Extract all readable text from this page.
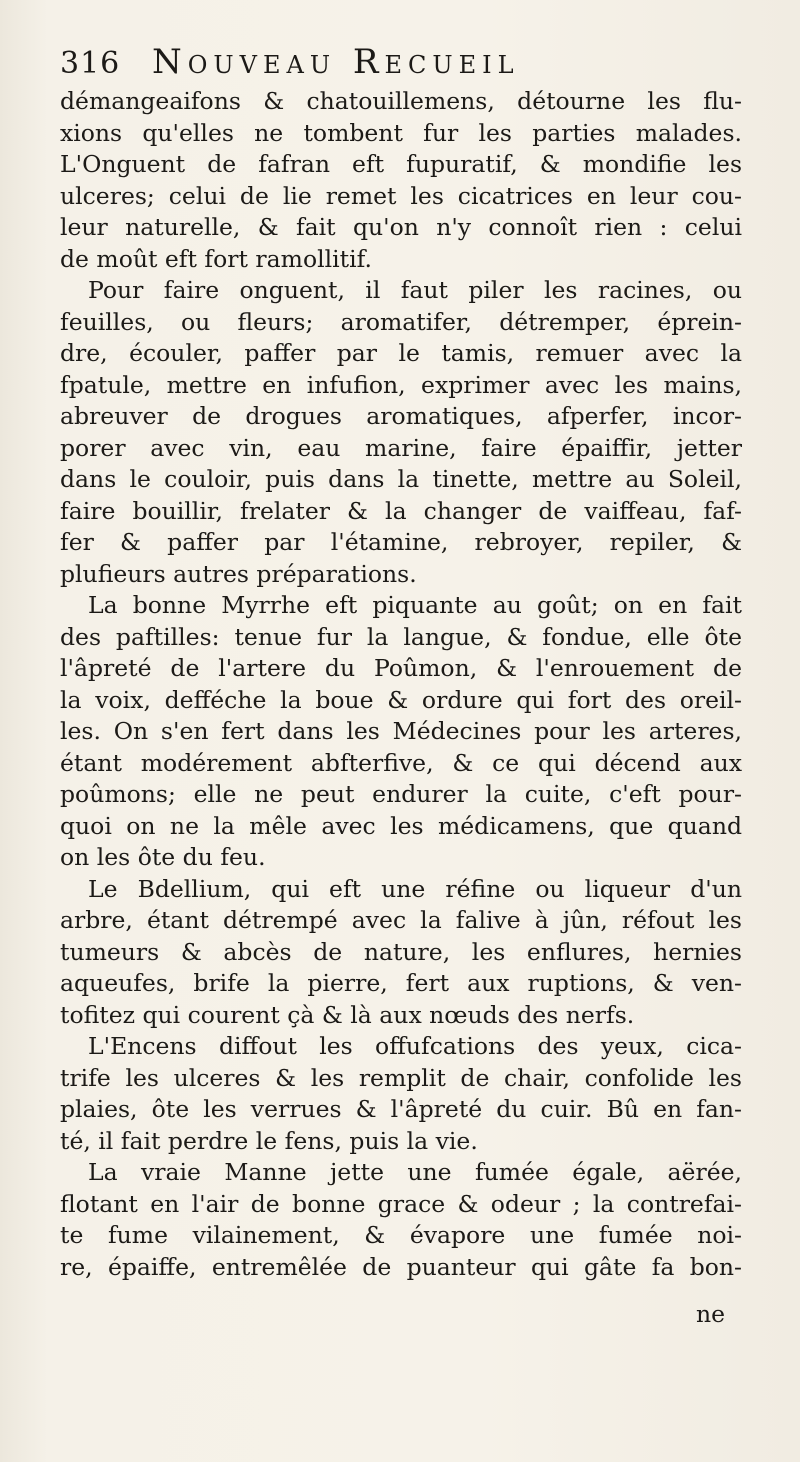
316 Nouveau Recueil
démangeaifons & chatouillemens, détourne les flu-
xions qu'elles ne tombent fur les parties malades.
L'Onguent de fafran eft fupuratif, & mondifie les
ulceres; celui de lie remet les cicatrices en leur cou-
leur naturelle, & fait qu'on n'y connoît rien : celui
de moût eft fort ramollitif.
Pour faire onguent, il faut piler les racines, ou
feuilles, ou fleurs; aromatifer, détremper, éprein-
dre, écouler, paffer par le tamis, remuer avec la
fpatule, mettre en infufion, exprimer avec les mains,
abreuver de drogues aromatiques, afperfer, incor-
porer avec vin, eau marine, faire épaiffir, jetter
dans le couloir, puis dans la tinette, mettre au Soleil,
faire bouillir, frelater & la changer de vaiffeau, faf-
fer & paffer par l'étamine, rebroyer, repiler, &
plufieurs autres préparations.
La bonne Myrrhe eft piquante au goût; on en fait
des paftilles: tenue fur la langue, & fondue, elle ôte
l'âpreté de l'artere du Poûmon, & l'enrouement de
la voix, defféche la boue & ordure qui fort des oreil-
les. On s'en fert dans les Médecines pour les arteres,
étant modérement abfterfive, & ce qui décend aux
poûmons; elle ne peut endurer la cuite, c'eft pour-
quoi on ne la mêle avec les médicamens, que quand
on les ôte du feu.
Le Bdellium, qui eft une réfine ou liqueur d'un
arbre, étant détrempé avec la falive à jûn, réfout les
tumeurs & abcès de nature, les enflures, hernies
aqueufes, brife la pierre, fert aux ruptions, & ven-
tofitez qui courent çà & là aux nœuds des nerfs.
L'Encens diffout les offufcations des yeux, cica-
trife les ulceres & les remplit de chair, confolide les
plaies, ôte les verrues & l'âpreté du cuir. Bû en fan-
té, il fait perdre le fens, puis la vie.
La vraie Manne jette une fumée égale, aërée,
flotant en l'air de bonne grace & odeur ; la contrefai-
te fume vilainement, & évapore une fumée noi-
re, épaiffe, entremêlée de puanteur qui gâte fa bon-
ne
